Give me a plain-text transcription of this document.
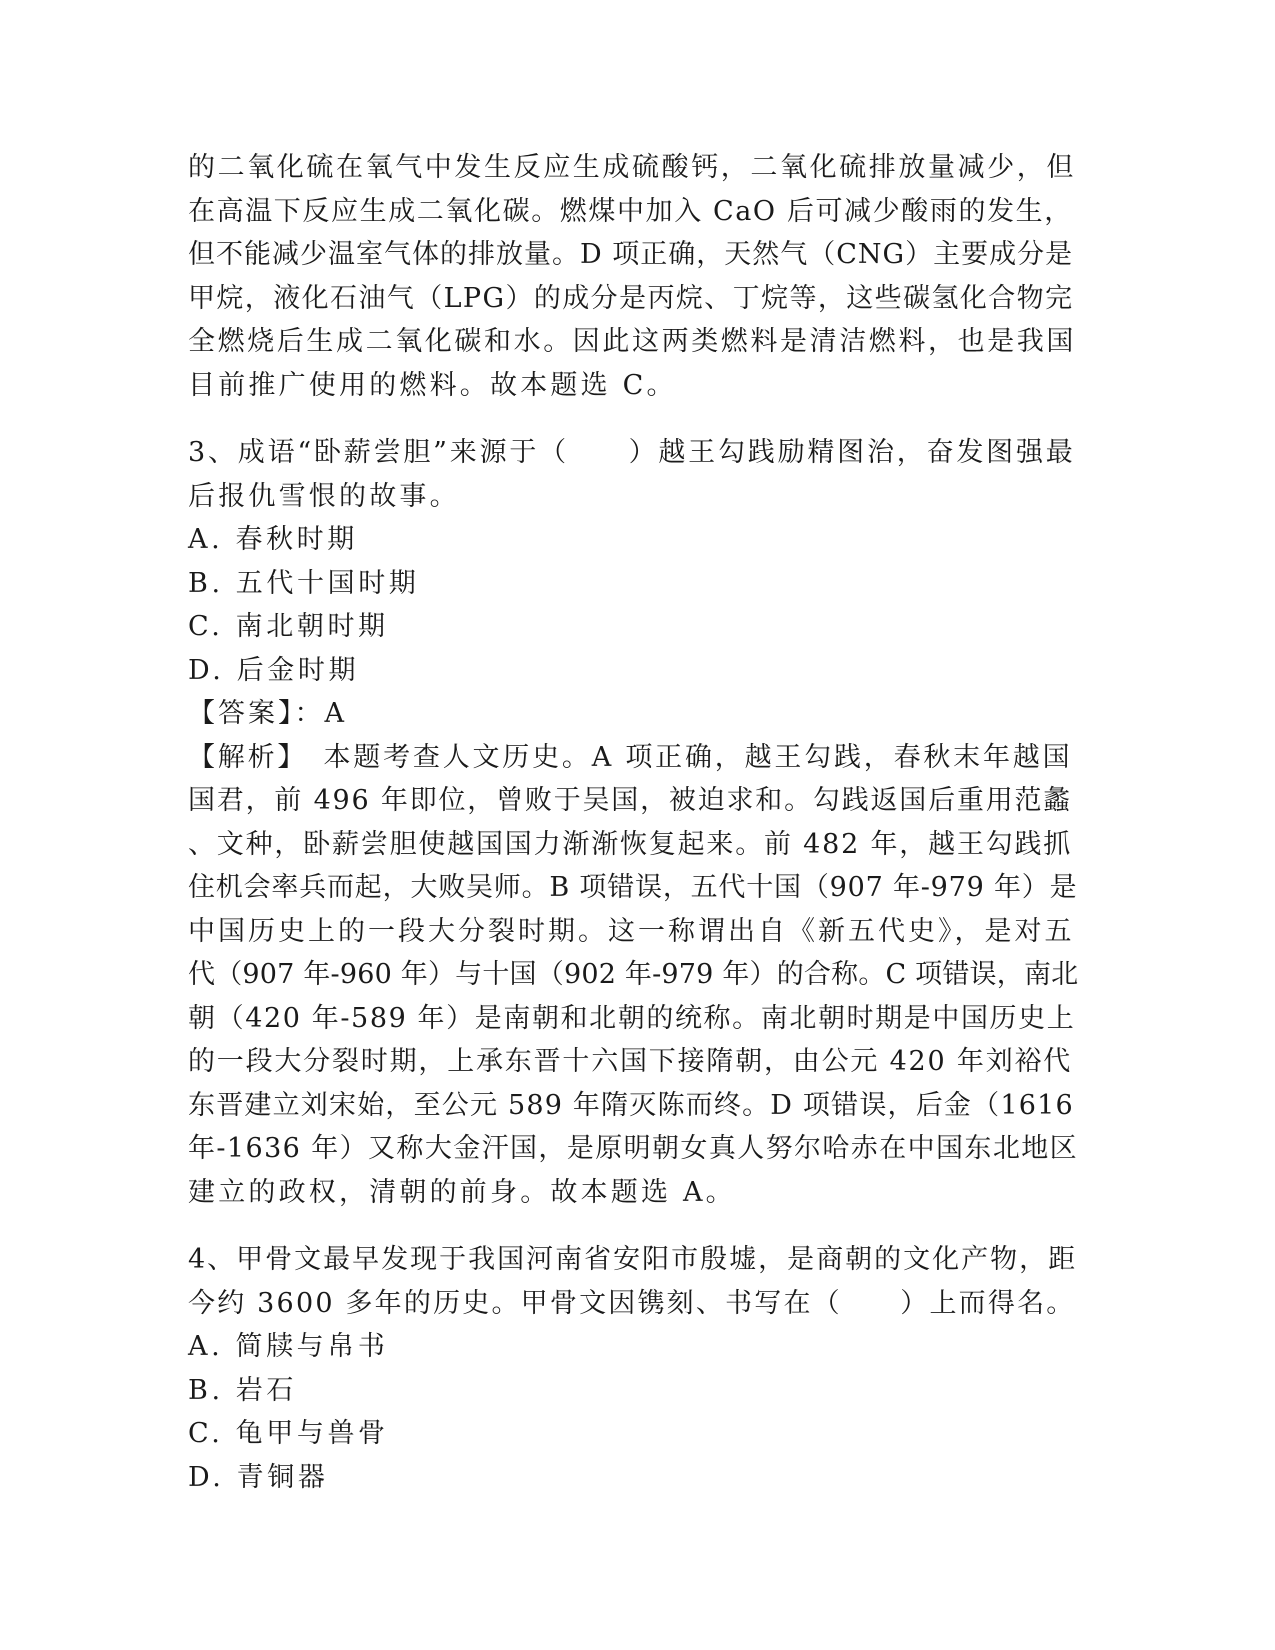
的二氧化硫在氧气中发生反应生成硫酸钙，二氧化硫排放量减少，但
在高温下反应生成二氧化碳。燃煤中加入 CaO 后可减少酸雨的发生，
但不能减少温室气体的排放量。D 项正确，天然气（CNG）主要成分是
甲烷，液化石油气（LPG）的成分是丙烷、丁烷等，这些碳氢化合物完
全燃烧后生成二氧化碳和水。因此这两类燃料是清洁燃料，也是我国
目前推广使用的燃料。故本题选 C。
3、成语“卧薪尝胆”来源于（　　）越王勾践励精图治，奋发图强最
后报仇雪恨的故事。
A. 春秋时期
B. 五代十国时期
C. 南北朝时期
D. 后金时期
【答案】：A
【解析】　本题考查人文历史。A 项正确，越王勾践，春秋末年越国
国君，前 496 年即位，曾败于吴国，被迫求和。勾践返国后重用范蠡
、文种，卧薪尝胆使越国国力渐渐恢复起来。前 482 年，越王勾践抓
住机会率兵而起，大败吴师。B 项错误，五代十国（907 年-979 年）是
中国历史上的一段大分裂时期。这一称谓出自《新五代史》，是对五
代（907 年-960 年）与十国（902 年-979 年）的合称。C 项错误，南北
朝（420 年-589 年）是南朝和北朝的统称。南北朝时期是中国历史上
的一段大分裂时期，上承东晋十六国下接隋朝，由公元 420 年刘裕代
东晋建立刘宋始，至公元 589 年隋灭陈而终。D 项错误，后金（1616
年-1636 年）又称大金汗国，是原明朝女真人努尔哈赤在中国东北地区
建立的政权，清朝的前身。故本题选 A。
4、甲骨文最早发现于我国河南省安阳市殷墟，是商朝的文化产物，距
今约 3600 多年的历史。甲骨文因镌刻、书写在（　　）上而得名。
A. 简牍与帛书
B. 岩石
C. 龟甲与兽骨
D. 青铜器
